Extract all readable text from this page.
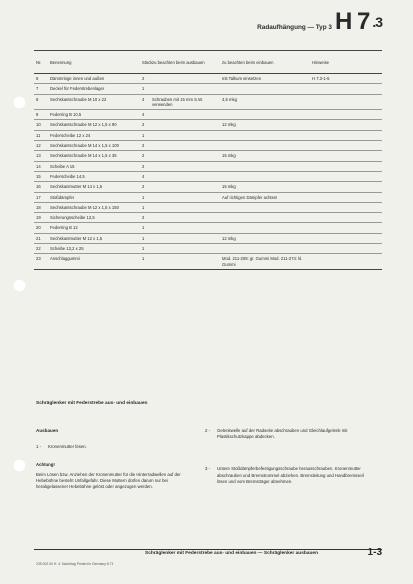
Radaufhängung — Typ 3 H 7 $^{.3}$
Nr.	Benennung	Stück	zu beachten beim ausbauen	zu beachten beim einbauen	Hinweise
6	Dämmringe innen und außen	2		mit Talkum einsetzen	H 7.3-1-5
7	Deckel für Federstrebenlager	1			
8	Sechskantschraube M 10 x 22	4	Schrauben mit 15 mm S.W. verwenden	4,5 mkg	
9	Federring B 10,5	4			
10	Sechskantschraube M 12 x 1,5 x 90	2		12 mkg	
11	Federscheibe 12 x 24	1			
12	Sechskantschraube M 14 x 1,5 x 100	2			
13	Sechskantschraube M 14 x 1,5 x 35	2		15 mkg	
14	Scheibe A 15	2			
15	Federscheibe 14,5	4			
16	Sechskantmutter M 14 x 1,5	2		15 mkg	
17	Stoßdämpfer	1		Auf richtigen Dämpfer achten!	
18	Sechskantschraube M 12 x 1,5 x 150	1			
19	Sicherungsscheibe 12,5	2			
20	Federring B 12	1			
21	Sechskantmutter M 12 x 1,5	1		12 mkg	
22	Scheibe 13,2 x 25	1			
23	Anschlaggummi	1		Mod. 211-208: gr. Gummi Mod. 211-274: kl. Gummi	
Schräglenker mit Federstrebe aus- und einbauen
Ausbauen
1 -	Kronenmutter lösen.
Achtung!
Beim Lösen bzw. Anziehen der Kronenmutter für die Hinterradwellen auf der Hebebühne besteht Unfallgefahr. Diese Muttern dürfen darum nur bei herabgelassener Hebebühne gelöst oder angezogen werden.
2 -	Gelenkwelle auf der Radseite abschrauben und Gleichlaufgelenk mit Plastikschutzkappe abdecken.
3 -	Untere Stoßdämpferbefestigungsschraube herausschrauben. Kronenmutter abschrauben und Bremstrommel abziehen. Bremsleitung und Handbremsseil lösen und vom Bremsträger abnehmen.
Schräglenker mit Federstrebe aus- und einbauen — Schräglenker ausbauen	1-3
239.002.00 H. 4. Nachtrag Printed in Germany 8.71
